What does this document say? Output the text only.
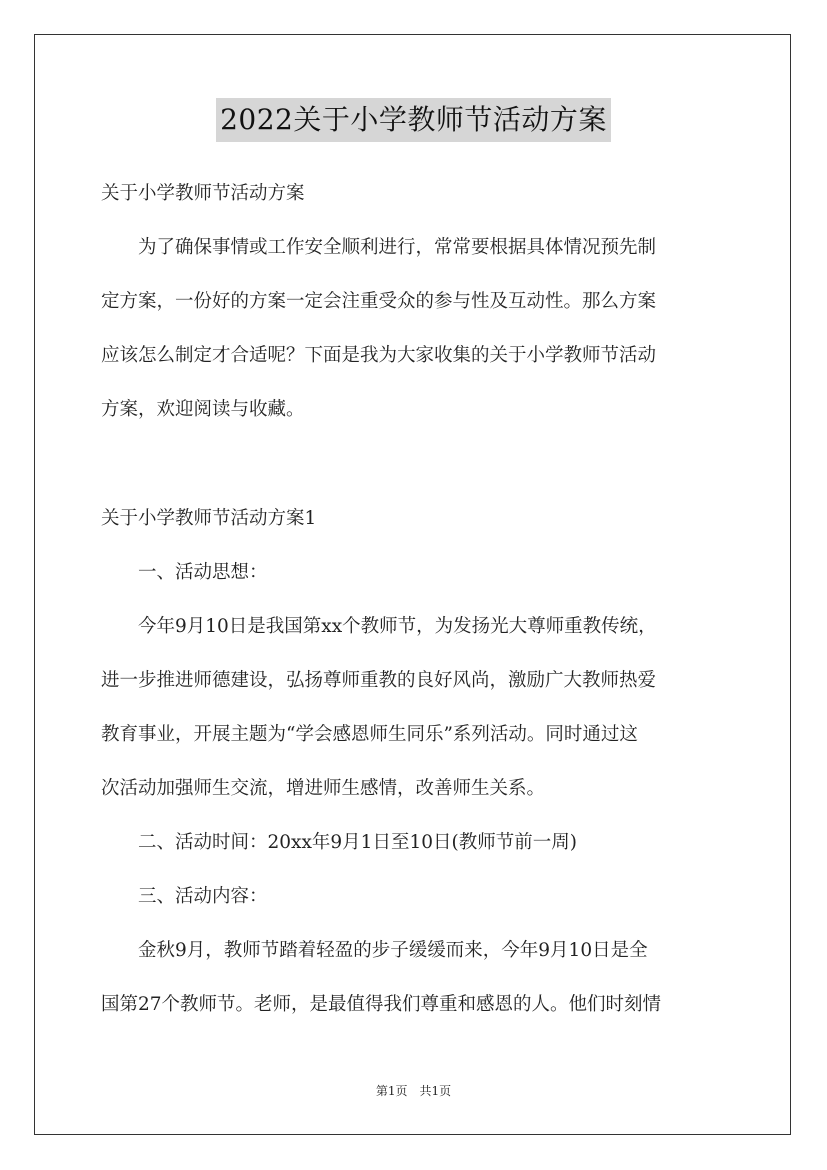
2022关于小学教师节活动方案
关于小学教师节活动方案
　　为了确保事情或工作安全顺利进行，常常要根据具体情况预先制
定方案，一份好的方案一定会注重受众的参与性及互动性。那么方案
应该怎么制定才合适呢？下面是我为大家收集的关于小学教师节活动
方案，欢迎阅读与收藏。
关于小学教师节活动方案1
　　一、活动思想：
　　今年9月10日是我国第xx个教师节，为发扬光大尊师重教传统，
进一步推进师德建设，弘扬尊师重教的良好风尚，激励广大教师热爱
教育事业，开展主题为“学会感恩师生同乐”系列活动。同时通过这
次活动加强师生交流，增进师生感情，改善师生关系。
　　二、活动时间：20xx年9月1日至10日(教师节前一周)
　　三、活动内容：
　　金秋9月，教师节踏着轻盈的步子缓缓而来，今年9月10日是全
国第27个教师节。老师，是最值得我们尊重和感恩的人。他们时刻情
第1页　共1页
